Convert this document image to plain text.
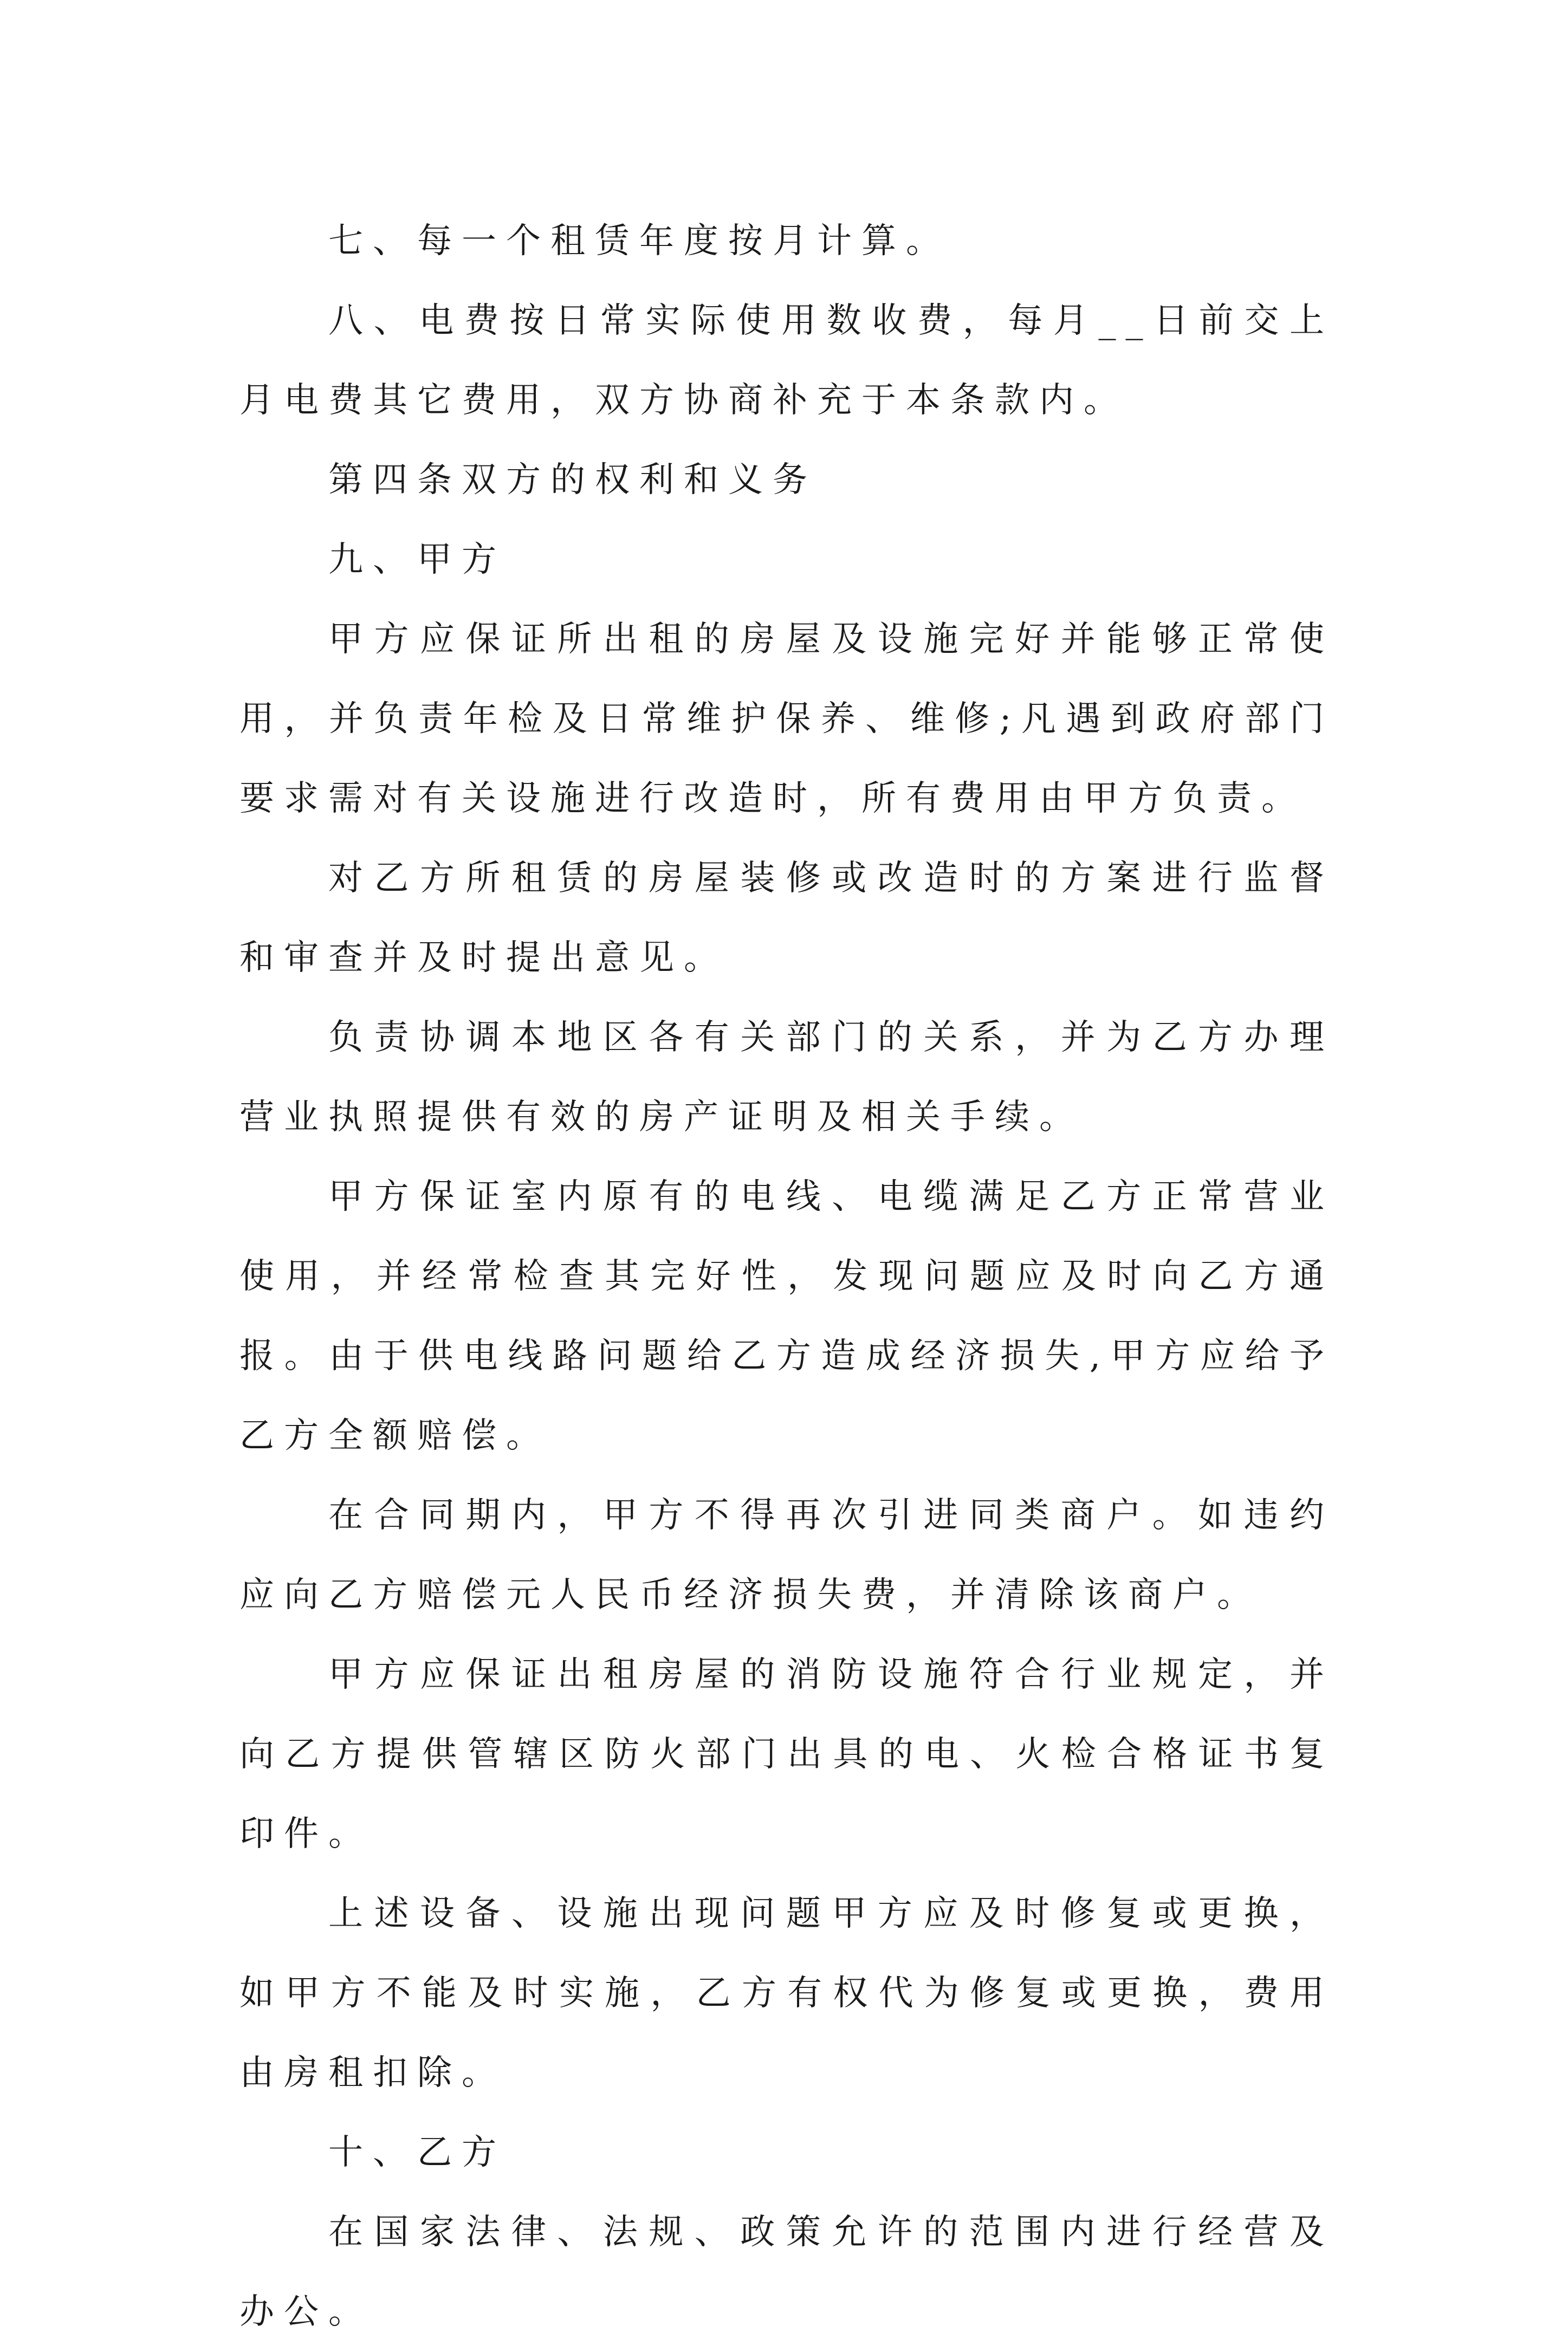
七、每一个租赁年度按月计算。

八、电费按日常实际使用数收费，每月__日前交上月电费其它费用，双方协商补充于本条款内。

第四条双方的权利和义务

九、甲方

甲方应保证所出租的房屋及设施完好并能够正常使用，并负责年检及日常维护保养、维修;凡遇到政府部门要求需对有关设施进行改造时，所有费用由甲方负责。

对乙方所租赁的房屋装修或改造时的方案进行监督和审查并及时提出意见。

负责协调本地区各有关部门的关系，并为乙方办理营业执照提供有效的房产证明及相关手续。

甲方保证室内原有的电线、电缆满足乙方正常营业使用，并经常检查其完好性，发现问题应及时向乙方通报。由于供电线路问题给乙方造成经济损失,甲方应给予乙方全额赔偿。

在合同期内，甲方不得再次引进同类商户。如违约应向乙方赔偿元人民币经济损失费，并清除该商户。

甲方应保证出租房屋的消防设施符合行业规定，并向乙方提供管辖区防火部门出具的电、火检合格证书复印件。

上述设备、设施出现问题甲方应及时修复或更换，如甲方不能及时实施，乙方有权代为修复或更换，费用由房租扣除。

十、乙方

在国家法律、法规、政策允许的范围内进行经营及办公。
